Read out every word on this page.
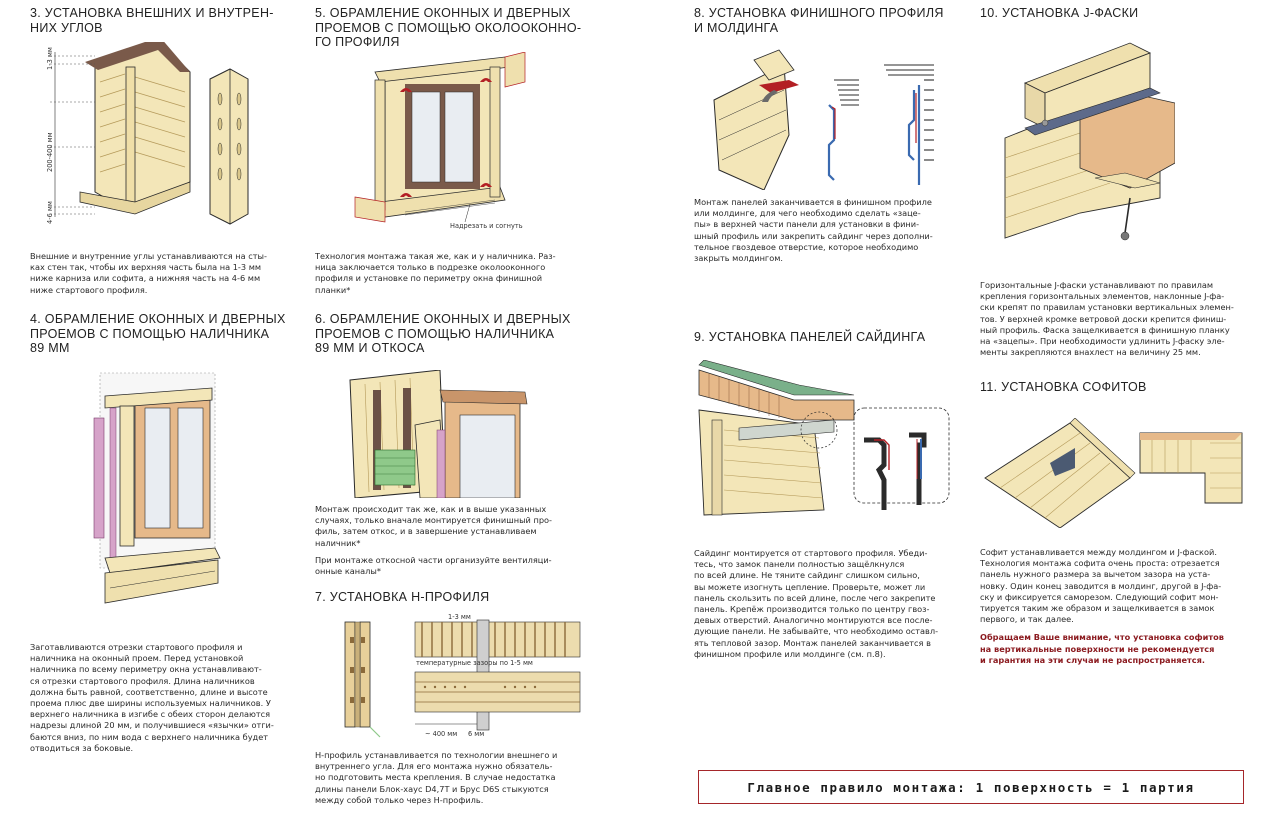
3. УСТАНОВКА ВНЕШНИХ И ВНУТРЕН-
НИХ УГЛОВ
1-3 мм
200-400 мм
4-6 мм

Внешние и внутренние углы устанавливаются на сты-

ках стен так, чтобы их верхняя часть была на 1-3 мм

ниже карниза или софита, а нижняя часть на 4-6 мм

ниже стартового профиля.

4. ОБРАМЛЕНИЕ ОКОННЫХ И ДВЕРНЫХ
ПРОЕМОВ С ПОМОЩЬЮ НАЛИЧНИКА
89 ММ

Заготавливаются отрезки стартового профиля и

наличника на оконный проем. Перед установкой

наличника по всему периметру окна устанавливают-

ся отрезки стартового профиля. Длина наличников

должна быть равной, соответственно, длине и высоте

проема плюс две ширины используемых наличников. У

верхнего наличника в изгибе с обеих сторон делаются

надрезы длиной 20 мм, и получившиеся «язычки» отги-

баются вниз, по ним вода с верхнего наличника будет

отводиться за боковые.

5. ОБРАМЛЕНИЕ ОКОННЫХ И ДВЕРНЫХ
ПРОЕМОВ С ПОМОЩЬЮ ОКОЛООКОННО-
ГО ПРОФИЛЯ
Надрезать и согнуть

Технология монтажа такая же, как и у наличника. Раз-

ница заключается только в подрезке околооконного

профиля и установке по периметру окна финишной

планки*

6. ОБРАМЛЕНИЕ ОКОННЫХ И ДВЕРНЫХ
ПРОЕМОВ С ПОМОЩЬЮ НАЛИЧНИКА
89 ММ И ОТКОСА

Монтаж происходит так же, как и в выше указанных

случаях, только вначале монтируется финишный про-

филь, затем откос, и в завершение устанавливаем

наличник*

При монтаже откосной части организуйте вентиляци-

онные каналы*

7. УСТАНОВКА Н-ПРОФИЛЯ
1-3 мм
температурные зазоры по 1-5 мм
~ 400 мм 6 мм

Н-профиль устанавливается по технологии внешнего и

внутреннего угла. Для его монтажа нужно обязатель-

но подготовить места крепления. В случае недостатка

длины панели Блок-хаус D4,7T и Брус D6S стыкуются

между собой только через Н-профиль.

8. УСТАНОВКА ФИНИШНОГО ПРОФИЛЯ
И МОЛДИНГА

Монтаж панелей заканчивается в финишном профиле

или молдинге, для чего необходимо сделать «зацe-

пы» в верхней части панели для установки в фини-

шный профиль или закрепить сайдинг через дополни-

тельное гвоздевое отверстие, которое необходимо

закрыть молдингом.

9. УСТАНОВКА ПАНЕЛЕЙ САЙДИНГА

Сайдинг монтируется от стартового профиля. Убеди-

тесь, что замок панели полностью защёлкнулся

по всей длине. Не тяните сайдинг слишком сильно,

вы можете изогнуть цепление. Проверьте, может ли

панель скользить по всей длине, после чего закрепите

панель. Крепёж производится только по центру гвоз-

девых отверстий. Аналогично монтируются все после-

дующие панели. Не забывайте, что необходимо оставл-

ять тепловой зазор. Монтаж панелей заканчивается в

финишном профиле или молдинге (см. п.8).

10. УСТАНОВКА J-ФАСКИ

Горизонтальные J-фаски устанавливают по правилам

крепления горизонтальных элементов, наклонные J-фа-

ски крепят по правилам установки вертикальных элемен-

тов. У верхней кромке ветровой доски крепится финиш-

ный профиль. Фаска защелкивается в финишную планку

на «зацепы». При необходимости удлинить J-фаску эле-

менты закрепляются внахлест на величину 25 мм.

11. УСТАНОВКА СОФИТОВ

Софит устанавливается между молдингом и J-фаской.

Технология монтажа софита очень проста: отрезается

панель нужного размера за вычетом зазора на уста-

новку. Один конец заводится в молдинг, другой в J-фа-

ску и фиксируется саморезом. Следующий софит мон-

тируется таким же образом и защелкивается в замок

первого, и так далее.

Обращаем Ваше внимание, что установка софитов

на вертикальные поверхности не рекомендуется

и гарантия на эти случаи не распространяется.

Главное правило монтажа: 1 поверхность = 1 партия
